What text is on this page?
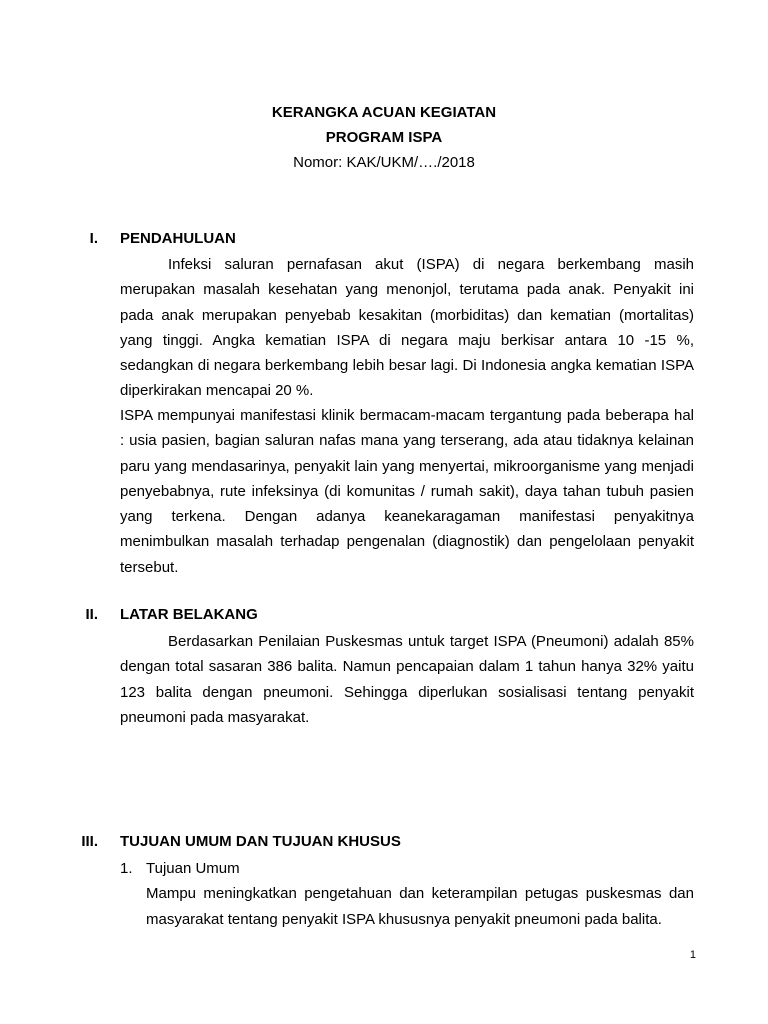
KERANGKA ACUAN KEGIATAN
PROGRAM ISPA
Nomor: KAK/UKM/…./2018
I. PENDAHULUAN

Infeksi saluran pernafasan akut (ISPA) di negara berkembang masih merupakan masalah kesehatan yang menonjol, terutama pada anak. Penyakit ini pada anak merupakan penyebab kesakitan (morbiditas) dan kematian (mortalitas) yang tinggi. Angka kematian ISPA di negara maju berkisar antara 10 -15 %, sedangkan di negara berkembang lebih besar lagi. Di Indonesia angka kematian ISPA diperkirakan mencapai 20 %.

ISPA mempunyai manifestasi klinik bermacam-macam tergantung pada beberapa hal : usia pasien, bagian saluran nafas mana yang terserang, ada atau tidaknya kelainan paru yang mendasarinya, penyakit lain yang menyertai, mikroorganisme yang menjadi penyebabnya, rute infeksinya (di komunitas / rumah sakit), daya tahan tubuh pasien yang terkena. Dengan adanya keanekaragaman manifestasi penyakitnya menimbulkan masalah terhadap pengenalan (diagnostik) dan pengelolaan penyakit tersebut.

II. LATAR BELAKANG

Berdasarkan Penilaian Puskesmas untuk target ISPA (Pneumoni) adalah 85% dengan total sasaran 386 balita. Namun pencapaian dalam 1 tahun hanya 32% yaitu 123 balita dengan pneumoni. Sehingga diperlukan sosialisasi tentang penyakit pneumoni pada masyarakat.

III. TUJUAN UMUM DAN TUJUAN KHUSUS
1. Tujuan Umum

Mampu meningkatkan pengetahuan dan keterampilan petugas puskesmas dan masyarakat tentang penyakit ISPA khususnya penyakit pneumoni pada balita.

1
